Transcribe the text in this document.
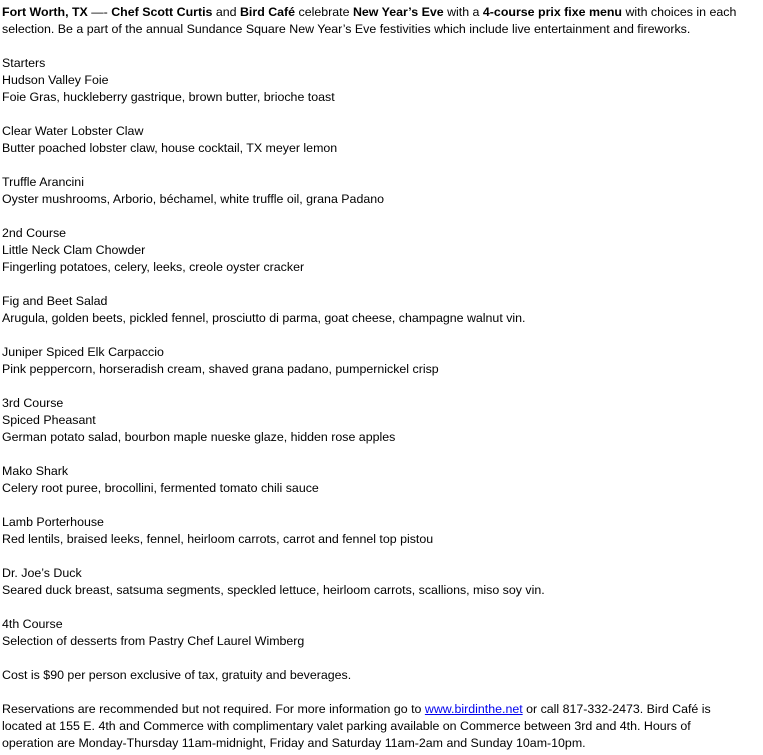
Fort Worth, TX —- Chef Scott Curtis and Bird Café celebrate New Year’s Eve with a 4-course prix fixe menu with choices in each

selection. Be a part of the annual Sundance Square New Year’s Eve festivities which include live entertainment and fireworks.

Starters

Hudson Valley Foie

Foie Gras, huckleberry gastrique, brown butter, brioche toast

Clear Water Lobster Claw

Butter poached lobster claw, house cocktail, TX meyer lemon

Truffle Arancini

Oyster mushrooms, Arborio, béchamel, white truffle oil, grana Padano

2nd Course

Little Neck Clam Chowder

Fingerling potatoes, celery, leeks, creole oyster cracker

Fig and Beet Salad

Arugula, golden beets, pickled fennel, prosciutto di parma, goat cheese, champagne walnut vin.

Juniper Spiced Elk Carpaccio

Pink peppercorn, horseradish cream, shaved grana padano, pumpernickel crisp

3rd Course

Spiced Pheasant

German potato salad, bourbon maple nueske glaze, hidden rose apples

Mako Shark

Celery root puree, brocollini, fermented tomato chili sauce

Lamb Porterhouse

Red lentils, braised leeks, fennel, heirloom carrots, carrot and fennel top pistou

Dr. Joe’s Duck

Seared duck breast, satsuma segments, speckled lettuce, heirloom carrots, scallions, miso soy vin.

4th Course

Selection of desserts from Pastry Chef Laurel Wimberg

Cost is $90 per person exclusive of tax, gratuity and beverages.

Reservations are recommended but not required. For more information go to www.birdinthe.net or call 817-332-2473. Bird Café is

located at 155 E. 4th and Commerce with complimentary valet parking available on Commerce between 3rd and 4th. Hours of

operation are Monday-Thursday 11am-midnight, Friday and Saturday 11am-2am and Sunday 10am-10pm.
